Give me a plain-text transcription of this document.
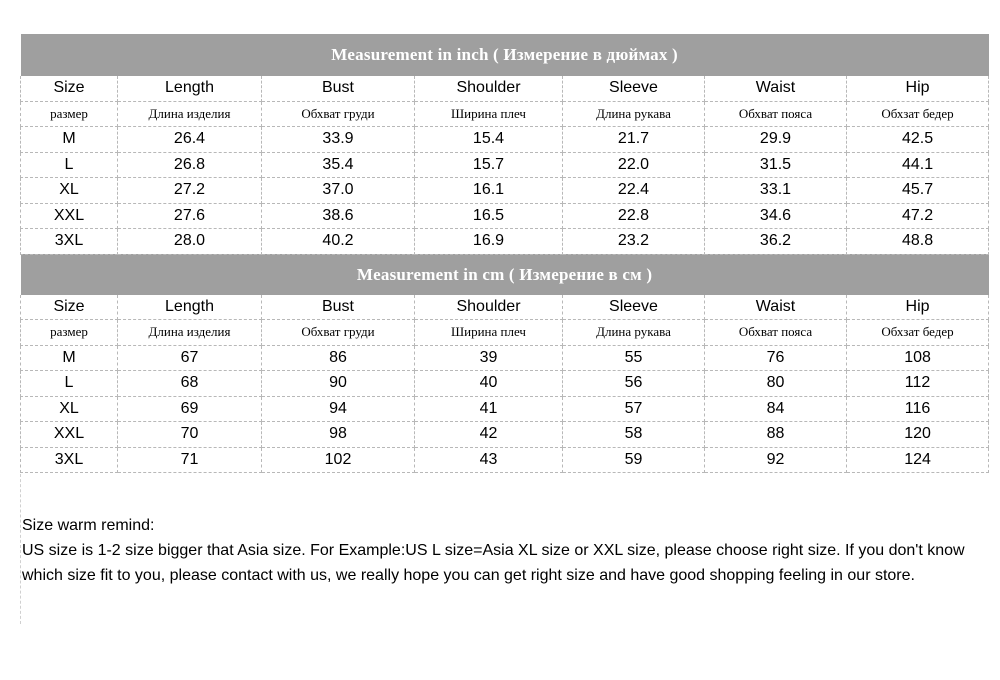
Measurement in inch ( Измерение в дюймах )						
Size	Length	Bust	Shoulder	Sleeve	Waist	Hip
размер	Длина изделия	Обхват груди	Ширина плеч	Длина рукава	Обхват пояса	Обхзат бедер
M	26.4	33.9	15.4	21.7	29.9	42.5
L	26.8	35.4	15.7	22.0	31.5	44.1
XL	27.2	37.0	16.1	22.4	33.1	45.7
XXL	27.6	38.6	16.5	22.8	34.6	47.2
3XL	28.0	40.2	16.9	23.2	36.2	48.8
Measurement in cm ( Измерение в см )						
Size	Length	Bust	Shoulder	Sleeve	Waist	Hip
размер	Длина изделия	Обхват груди	Ширина плеч	Длина рукава	Обхват пояса	Обхзат бедер
M	67	86	39	55	76	108
L	68	90	40	56	80	112
XL	69	94	41	57	84	116
XXL	70	98	42	58	88	120
3XL	71	102	43	59	92	124

Size warm remind:

US size is 1-2 size bigger that Asia size. For Example:US L size=Asia XL size or XXL size, please choose right size. If you don't know which size fit to you, please contact with us, we really hope you can get right size and have good shopping feeling in our store.
